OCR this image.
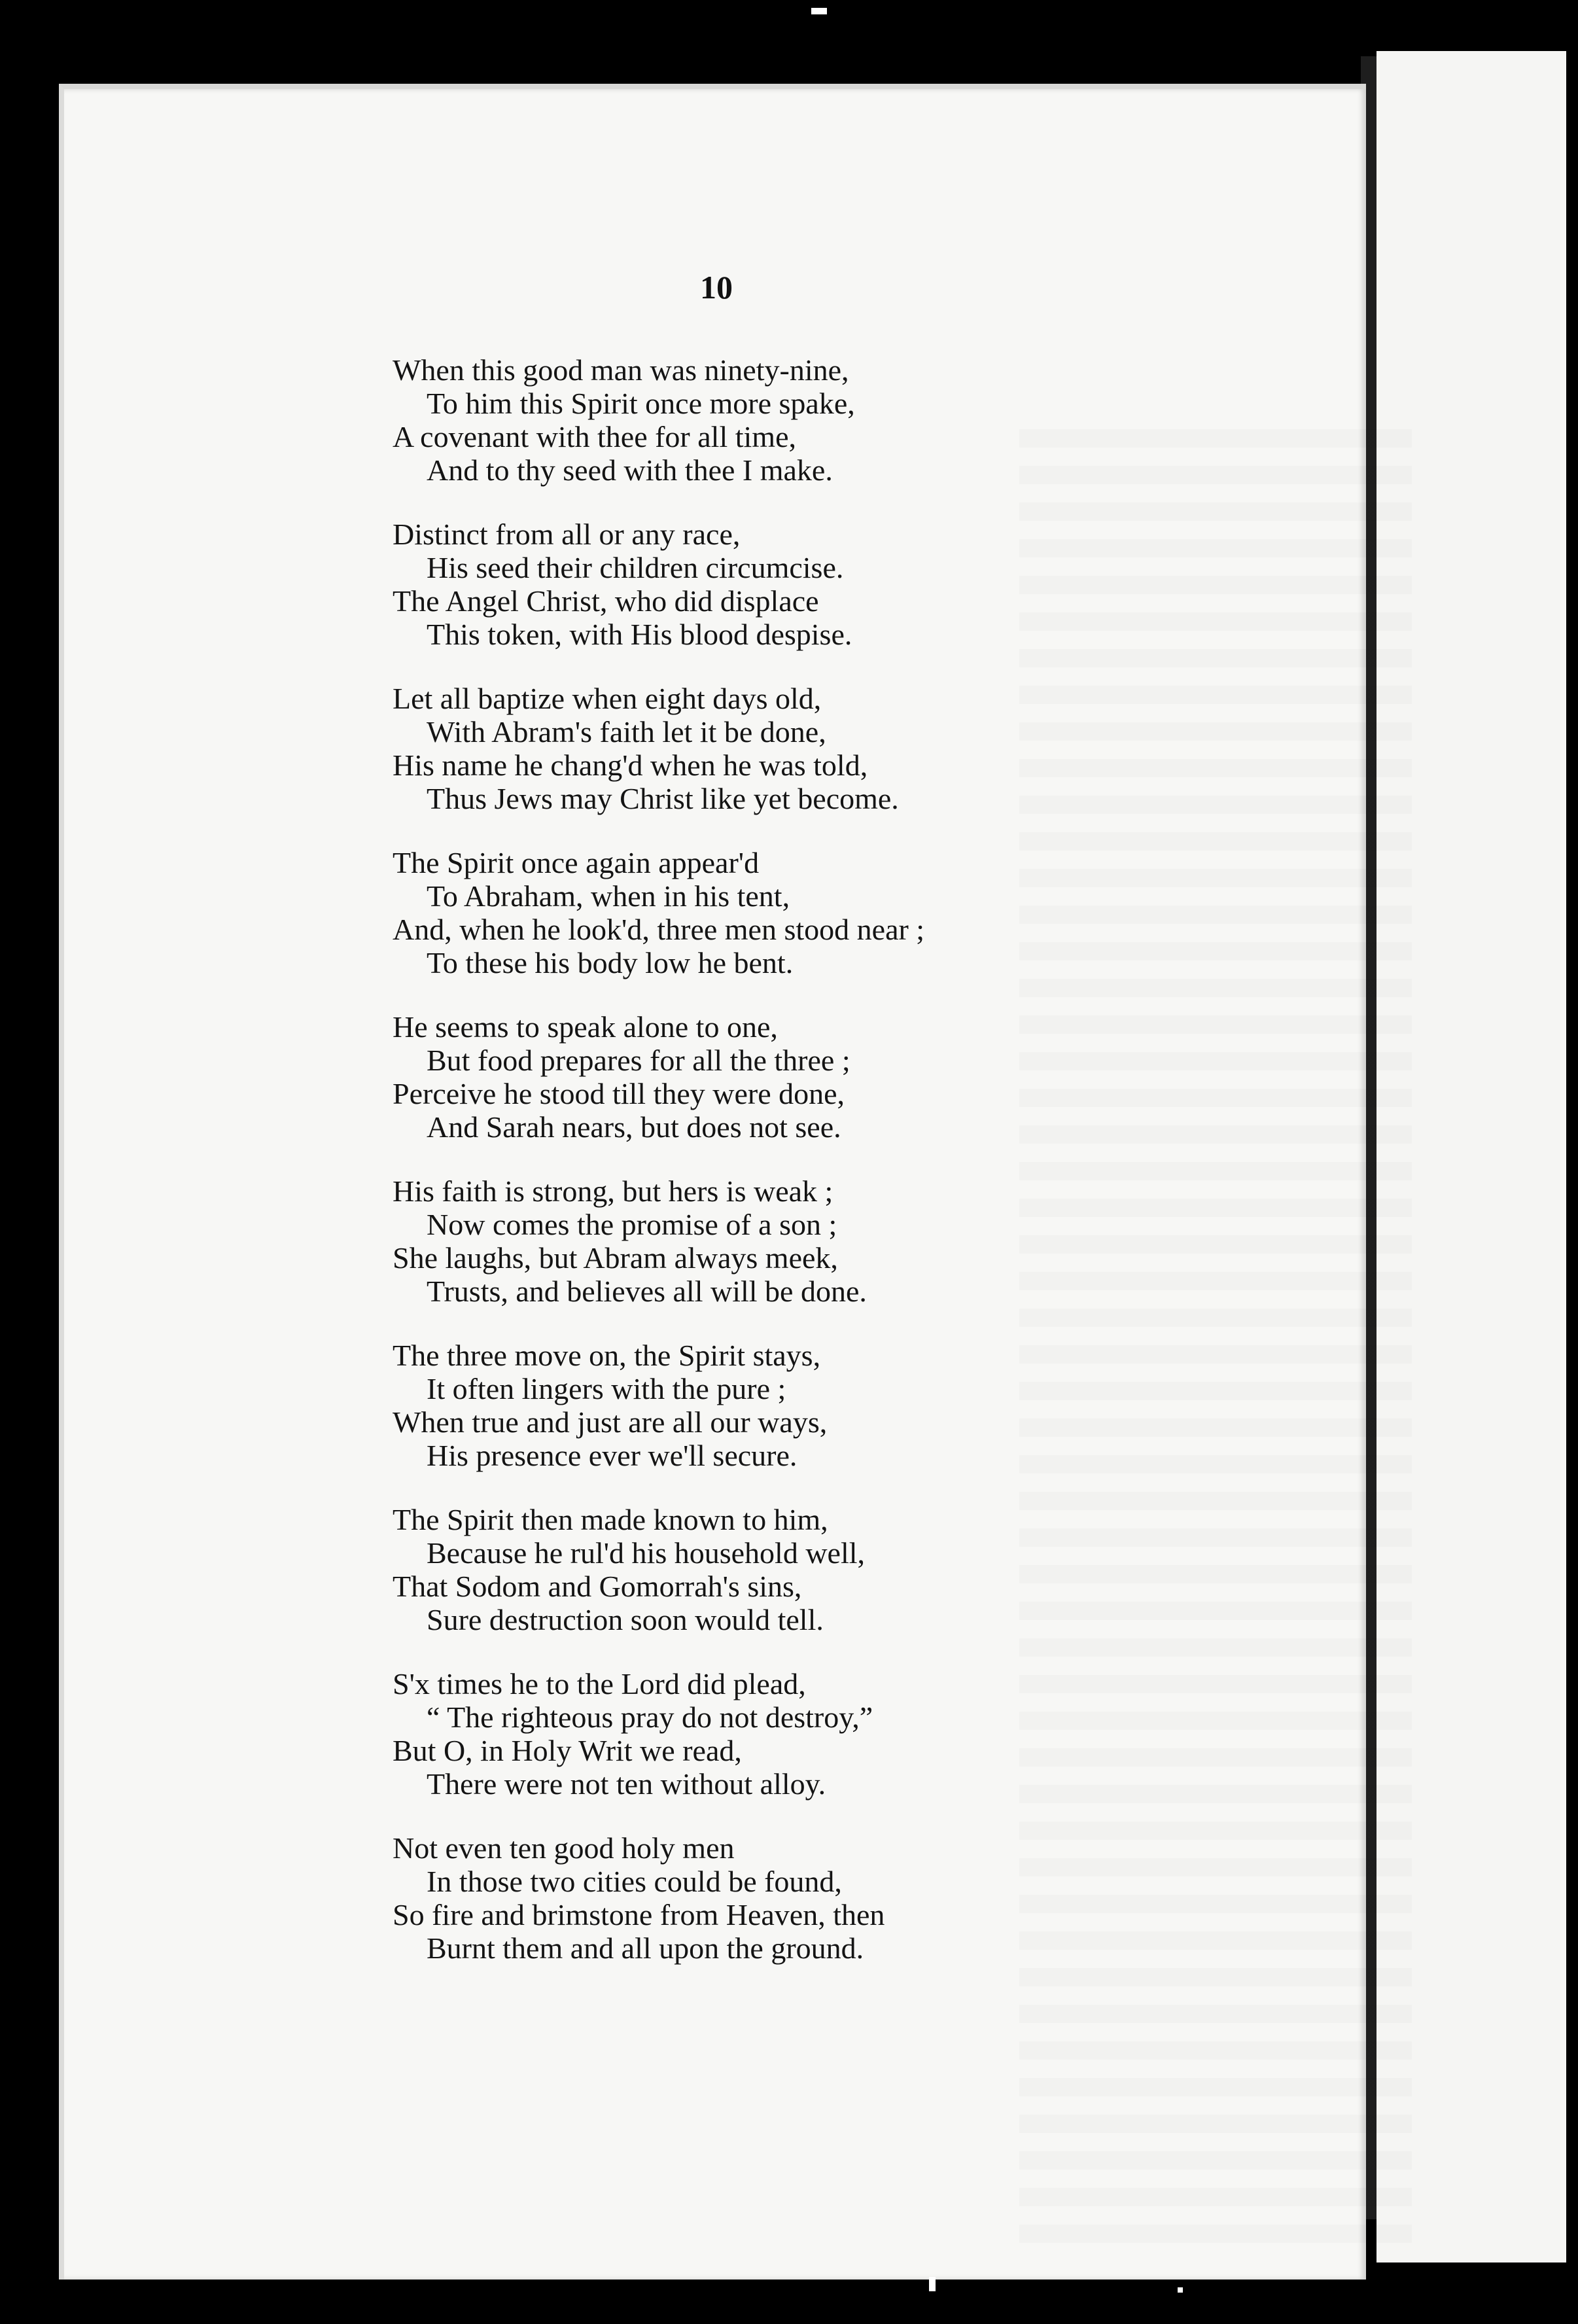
10
When this good man was ninety-nine,
To him this Spirit once more spake,
A covenant with thee for all time,
And to thy seed with thee I make.
Distinct from all or any race,
His seed their children circumcise.
The Angel Christ, who did displace
This token, with His blood despise.
Let all baptize when eight days old,
With Abram's faith let it be done,
His name he chang'd when he was told,
Thus Jews may Christ like yet become.
The Spirit once again appear'd
To Abraham, when in his tent,
And, when he look'd, three men stood near ;
To these his body low he bent.
He seems to speak alone to one,
But food prepares for all the three ;
Perceive he stood till they were done,
And Sarah nears, but does not see.
His faith is strong, but hers is weak ;
Now comes the promise of a son ;
She laughs, but Abram always meek,
Trusts, and believes all will be done.
The three move on, the Spirit stays,
It often lingers with the pure ;
When true and just are all our ways,
His presence ever we'll secure.
The Spirit then made known to him,
Because he rul'd his household well,
That Sodom and Gomorrah's sins,
Sure destruction soon would tell.
S'x times he to the Lord did plead,
“ The righteous pray do not destroy,”
But O, in Holy Writ we read,
There were not ten without alloy.
Not even ten good holy men
In those two cities could be found,
So fire and brimstone from Heaven, then
Burnt them and all upon the ground.
